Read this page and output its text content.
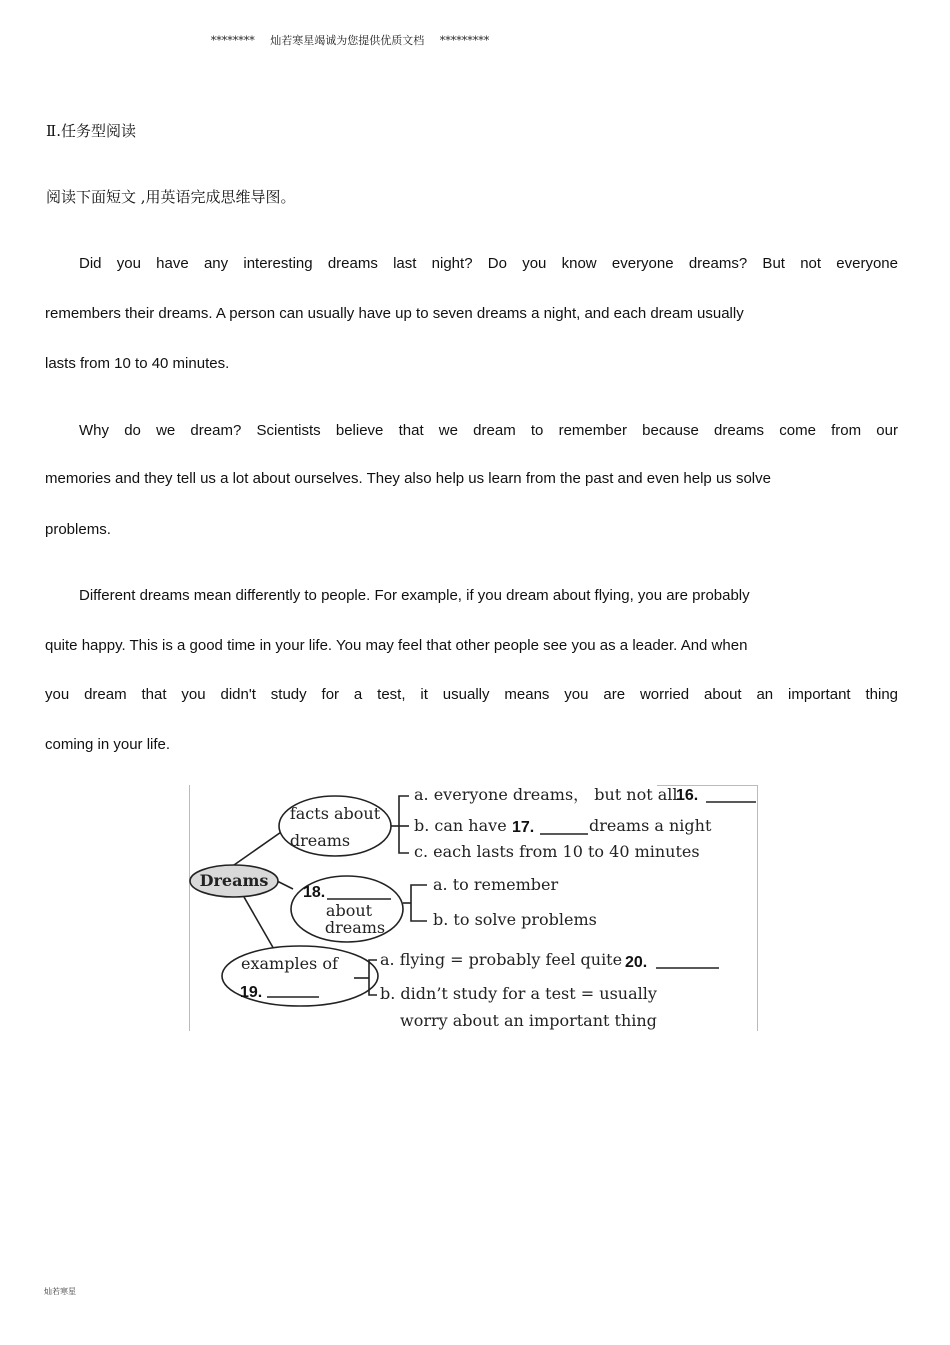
******** 灿若寒星竭诚为您提供优质文档 *********
Ⅱ.任务型阅读
阅读下面短文 ,用英语完成思维导图。
Did you have any interesting dreams last night? Do you know everyone dreams? But not everyone
remembers their dreams. A person can usually have up to seven dreams a night, and each dream usually
lasts from 10 to 40 minutes.
Why do we dream? Scientists believe that we dream to remember because dreams come from our
memories and they tell us a lot about ourselves. They also help us learn from the past and even help us solve
problems.
Different dreams mean differently to people. For example, if you dream about flying, you are probably
quite happy. This is a good time in your life. You may feel that other people see you as a leader. And when
you dream that you didn't study for a test, it usually means you are worried about an important thing
coming in your life.
Dreams
facts about
dreams
a. everyone dreams， but not all
16.
b. can have 17.	dreams a night
c. each lasts from 10 to 40 minutes
18.
about
dreams
a. to remember
b. to solve problems
examples of
19.
a. flying = probably feel quite 20.
b. didn’t study for a test = usually
worry about an important thing
灿若寒星
